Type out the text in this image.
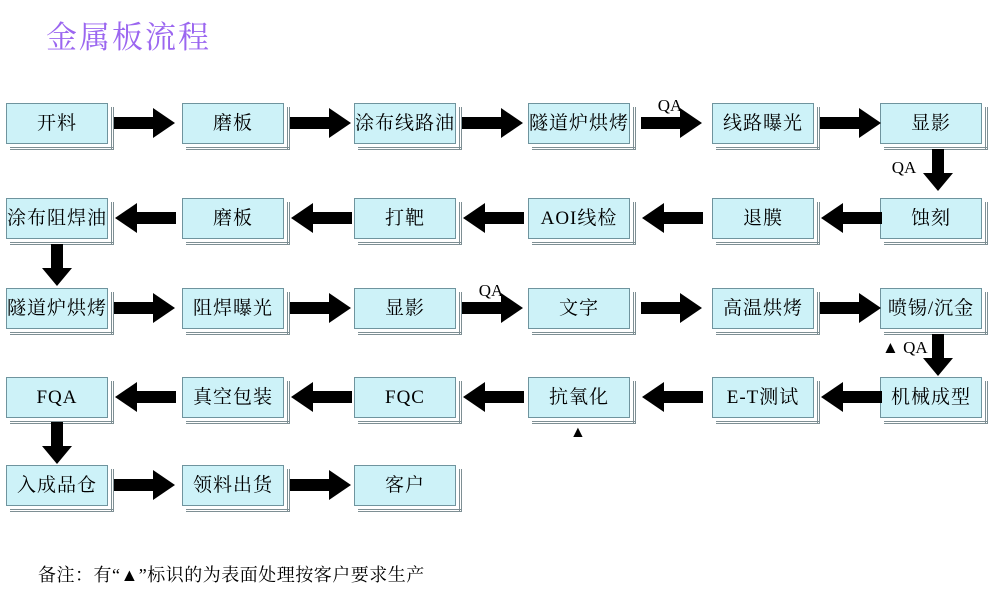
金属板流程
开料	磨板	涂布线路油	隧道炉烘烤	线路曝光	显影
QA
QA
蚀刻
退膜
AOI线检
打靶
磨板
涂布阻焊油
隧道炉烘烤	阻焊曝光	显影	文字	高温烘烤	喷锡/沉金
QA
▲ QA
机械成型
E-T测试
抗氧化
FQC
真空包装
FQA
▲
入成品仓	领料出货	客户
备注：有“▲”标识的为表面处理按客户要求生产
